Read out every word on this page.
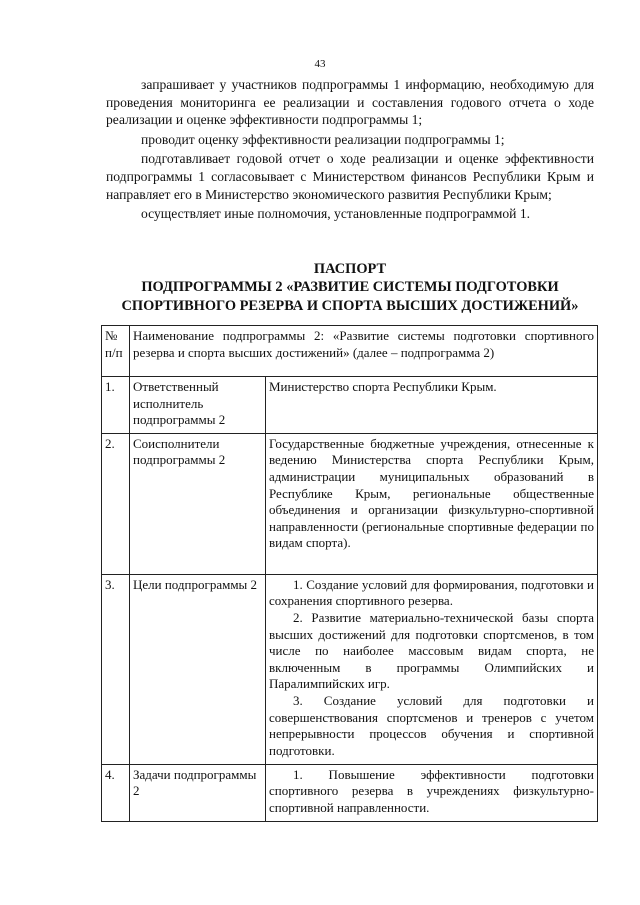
43

запрашивает у участников подпрограммы 1 информацию, необходимую для проведения мониторинга ее реализации и составления годового отчета о ходе реализации и оценке эффективности подпрограммы 1;

проводит оценку эффективности реализации подпрограммы 1;

подготавливает годовой отчет о ходе реализации и оценке эффективности подпрограммы 1 согласовывает с Министерством финансов Республики Крым и направляет его в Министерство экономического развития Республики Крым;

осуществляет иные полномочия, установленные подпрограммой 1.

ПАСПОРТ
ПОДПРОГРАММЫ 2 «РАЗВИТИЕ СИСТЕМЫ ПОДГОТОВКИ
СПОРТИВНОГО РЕЗЕРВА И СПОРТА ВЫСШИХ ДОСТИЖЕНИЙ»
№ п/п	Наименование подпрограммы 2: «Развитие системы подготовки спортивного резерва и спорта высших достижений» (далее – подпрограмма 2)	
1.	Ответственный исполнитель подпрограммы 2	Министерство спорта Республики Крым.

2.	Соисполнители подпрограммы 2	Государственные бюджетные учреждения, отнесенные к ведению Министерства спорта Республики Крым, администрации муниципальных образований в Республике Крым, региональные общественные объединения и организации физкультурно-спортивной направленности (региональные спортивные федерации по видам спорта).

3.	Цели подпрограммы 2	1. Создание условий для формирования, подготовки и сохранения спортивного резерва.
2. Развитие материально-технической базы спорта высших достижений для подготовки спортсменов, в том числе по наиболее массовым видам спорта, не включенным в программы Олимпийских и Паралимпийских игр.
3. Создание условий для подготовки и совершенствования спортсменов и тренеров с учетом непрерывности процессов обучения и спортивной подготовки.

4.	Задачи подпрограммы 2	1. Повышение эффективности подготовки спортивного резерва в учреждениях физкультурно-спортивной направленности.
